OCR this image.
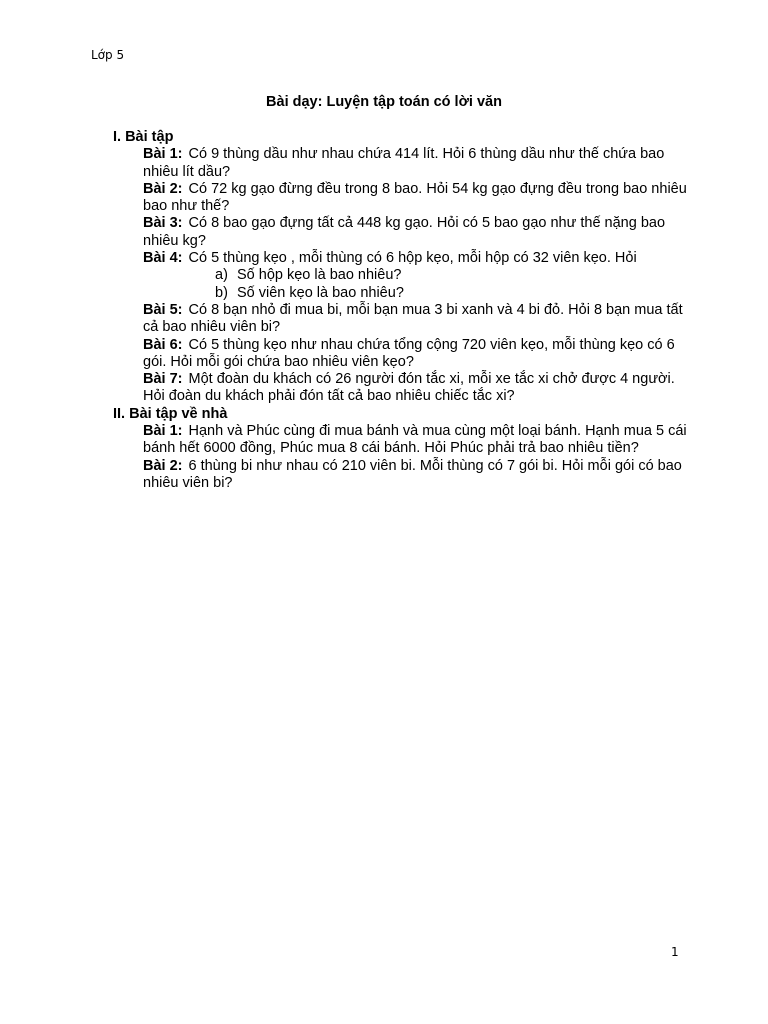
Lớp 5
Bài dạy: Luyện tập toán có lời văn
I. Bài tập
Bài 1: Có 9 thùng dầu như nhau chứa 414 lít. Hỏi 6 thùng dầu như thế chứa bao nhiêu lít dầu?
Bài 2: Có 72 kg gạo đừng đều trong 8 bao. Hỏi 54 kg gạo đựng đều trong bao nhiêu bao như thế?
Bài 3: Có 8 bao gạo đựng tất cả 448 kg gạo. Hỏi có 5 bao gạo như thế nặng bao nhiêu kg?
Bài 4: Có 5 thùng kẹo , mỗi thùng có 6 hộp kẹo, mỗi hộp có 32 viên kẹo. Hỏi
a) Số hộp kẹo là bao nhiêu?
b) Số viên kẹo là bao nhiêu?
Bài 5: Có 8 bạn nhỏ đi mua bi, mỗi bạn mua 3 bi xanh và 4 bi đỏ. Hỏi 8 bạn mua tất cả bao nhiêu viên bi?
Bài 6: Có 5 thùng kẹo như nhau chứa tổng cộng 720 viên kẹo, mỗi thùng kẹo có 6 gói. Hỏi mỗi gói chứa bao nhiêu viên kẹo?
Bài 7: Một đoàn du khách có 26 người đón tắc xi, mỗi xe tắc xi chở được 4 người. Hỏi đoàn du khách phải đón tất cả bao nhiêu chiếc tắc xi?
II. Bài tập về nhà
Bài 1: Hạnh và Phúc cùng đi mua bánh và mua cùng một loại bánh. Hạnh mua 5 cái bánh hết 6000 đồng, Phúc mua 8 cái bánh. Hỏi Phúc phải trả bao nhiêu tiền?
Bài 2: 6 thùng bi như nhau có 210 viên bi. Mỗi thùng có 7 gói bi. Hỏi mỗi gói có bao nhiêu viên bi?
1
